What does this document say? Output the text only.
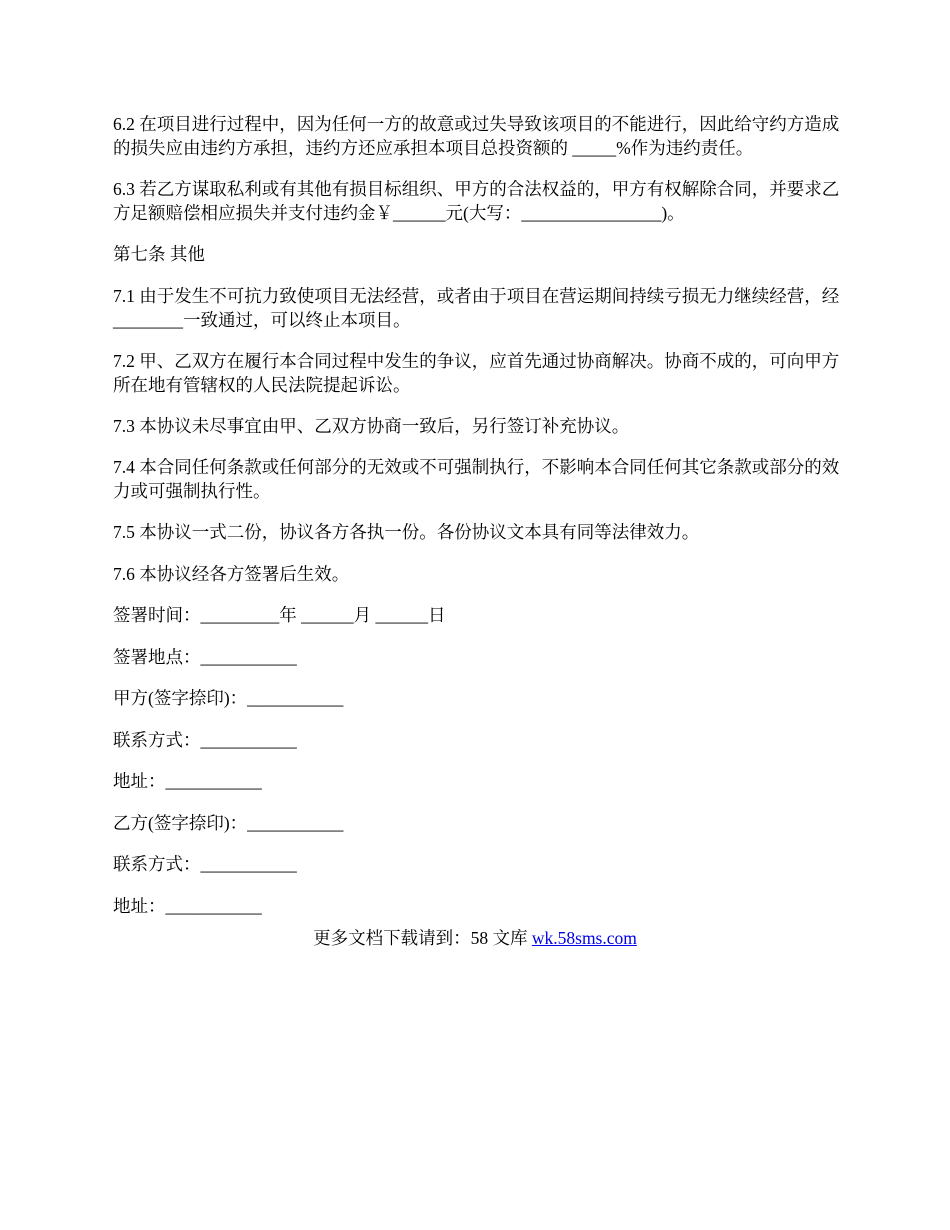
6.2 在项目进行过程中，因为任何一方的故意或过失导致该项目的不能进行，因此给守约方造成的损失应由违约方承担，违约方还应承担本项目总投资额的 _____%作为违约责任。

6.3 若乙方谋取私利或有其他有损目标组织、甲方的合法权益的，甲方有权解除合同，并要求乙方足额赔偿相应损失并支付违约金￥______元(大写：________________)。

第七条 其他

7.1 由于发生不可抗力致使项目无法经营，或者由于项目在营运期间持续亏损无力继续经营，经________一致通过，可以终止本项目。

7.2 甲、乙双方在履行本合同过程中发生的争议，应首先通过协商解决。协商不成的，可向甲方所在地有管辖权的人民法院提起诉讼。

7.3 本协议未尽事宜由甲、乙双方协商一致后，另行签订补充协议。

7.4 本合同任何条款或任何部分的无效或不可强制执行，不影响本合同任何其它条款或部分的效力或可强制执行性。

7.5 本协议一式二份，协议各方各执一份。各份协议文本具有同等法律效力。

7.6 本协议经各方签署后生效。

签署时间：_________年 ______月 ______日

签署地点：___________

甲方(签字捺印)：___________

联系方式：___________

地址：___________

乙方(签字捺印)：___________

联系方式：___________

地址：___________

更多文档下载请到：58 文库 wk.58sms.com
